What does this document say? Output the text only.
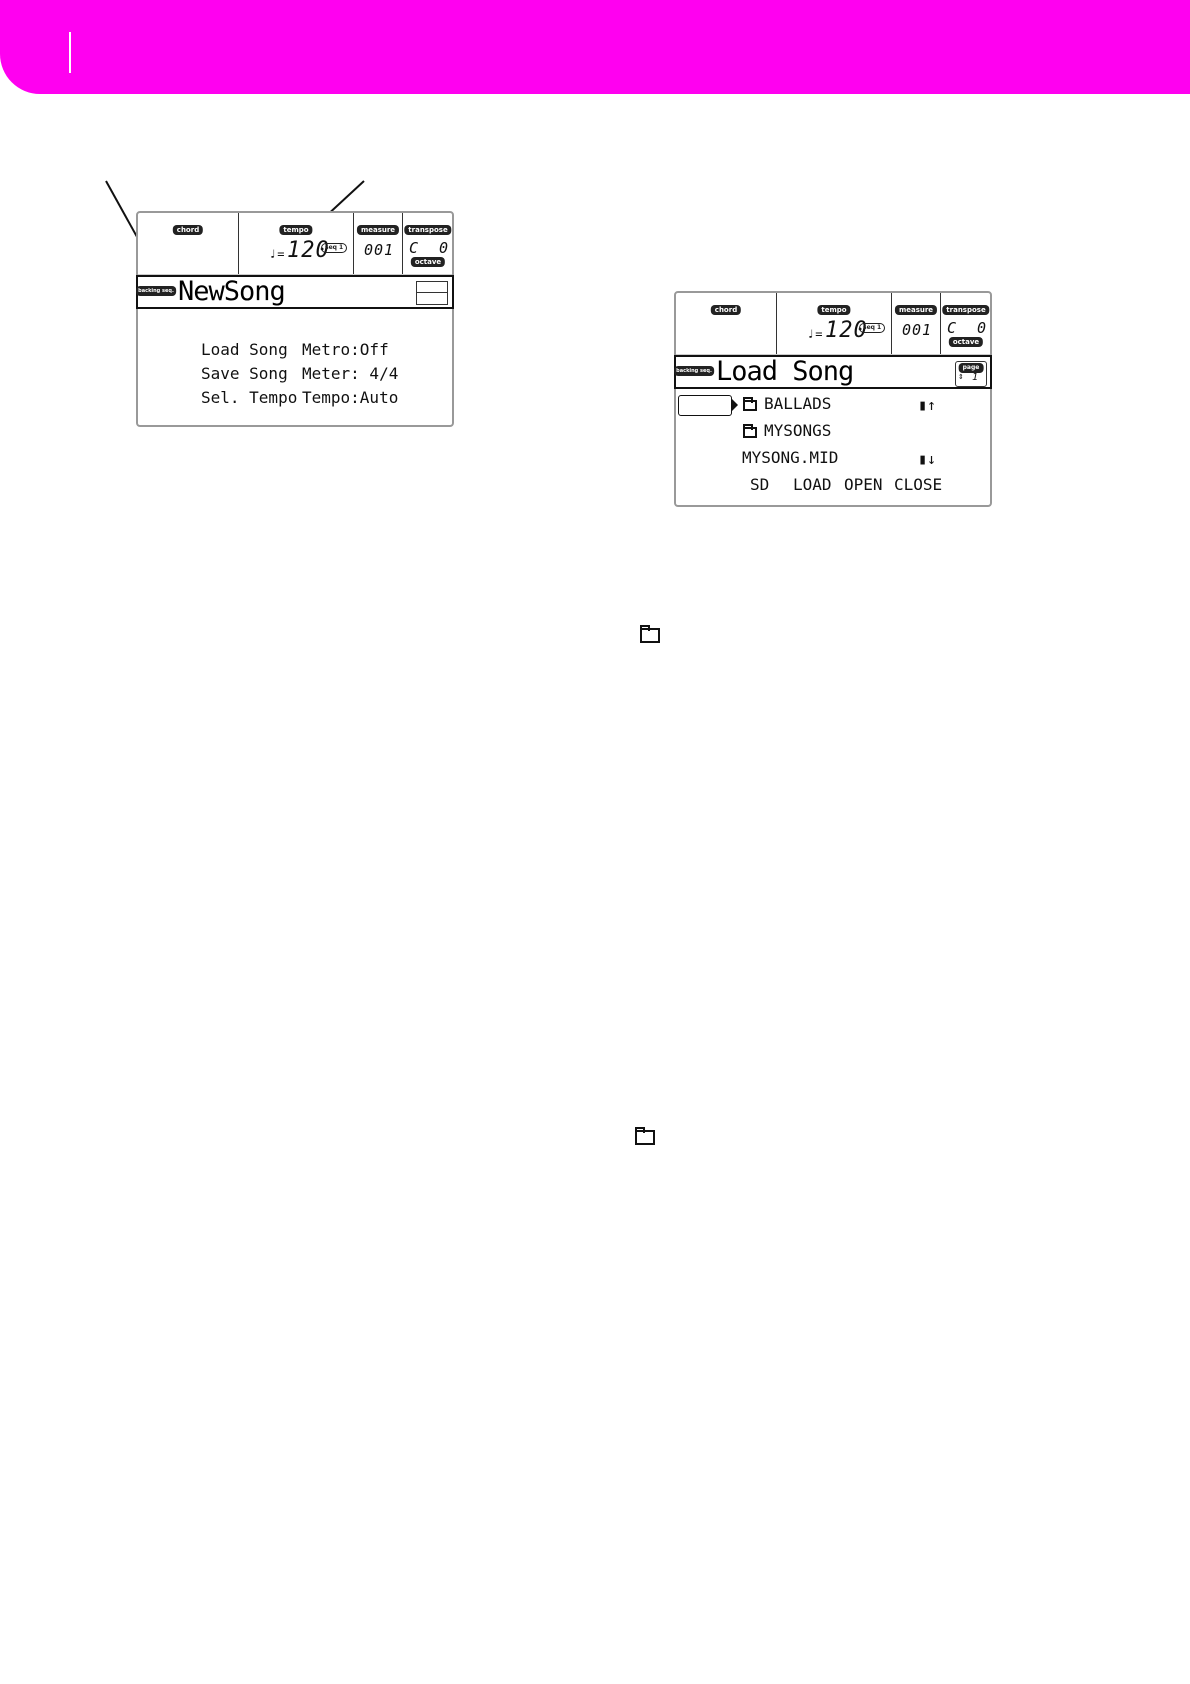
chord	tempo
♩= 120
seq 1
measure
001
transpose
C 0
octave
backing seq. NewSong
Load Song Metro:Off
Save Song Meter: 4/4
Sel. Tempo Tempo:Auto
chord	tempo
♩= 120
seq 1
measure
001
transpose
C 0
octave
backing seq. Load Song	page
⇕ 1
BALLADS	▮↑
MYSONGS
MYSONG.MID	▮↓
SD LOAD OPEN CLOSE
